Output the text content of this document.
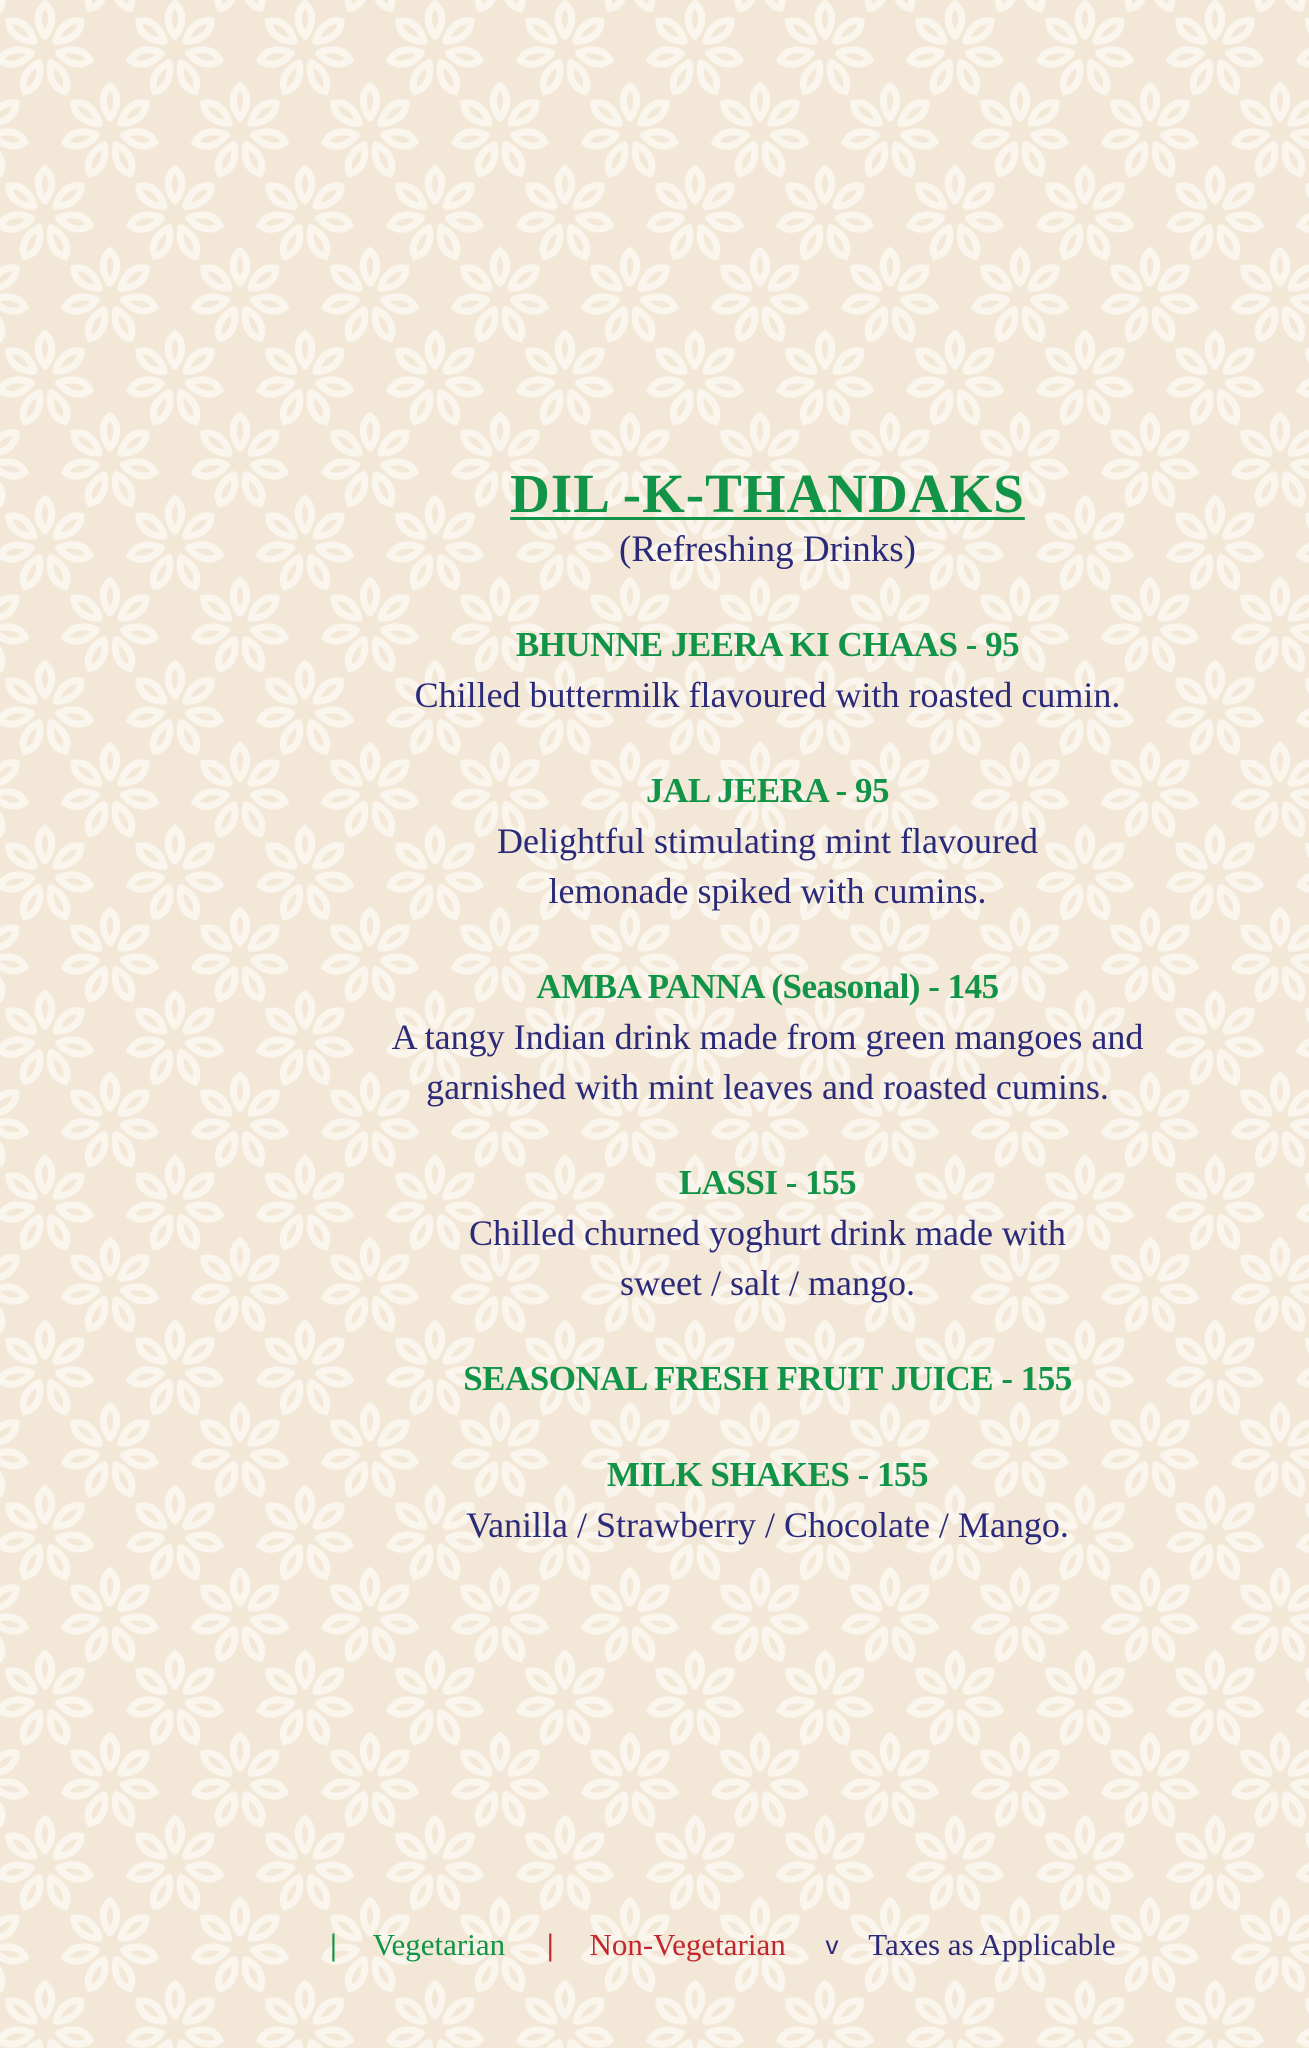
DIL -K-THANDAKS

(Refreshing Drinks)

BHUNNE JEERA KI CHAAS - 95
Chilled buttermilk flavoured with roasted cumin.
JAL JEERA - 95
Delightful stimulating mint flavoured
lemonade spiked with cumins.
AMBA PANNA (Seasonal) - 145
A tangy Indian drink made from green mangoes and
garnished with mint leaves and roasted cumins.
LASSI - 155
Chilled churned yoghurt drink made with
sweet / salt / mango.
SEASONAL FRESH FRUIT JUICE - 155
MILK SHAKES - 155
Vanilla / Strawberry / Chocolate / Mango.
| Vegetarian | Non-Vegetarian v Taxes as Applicable
